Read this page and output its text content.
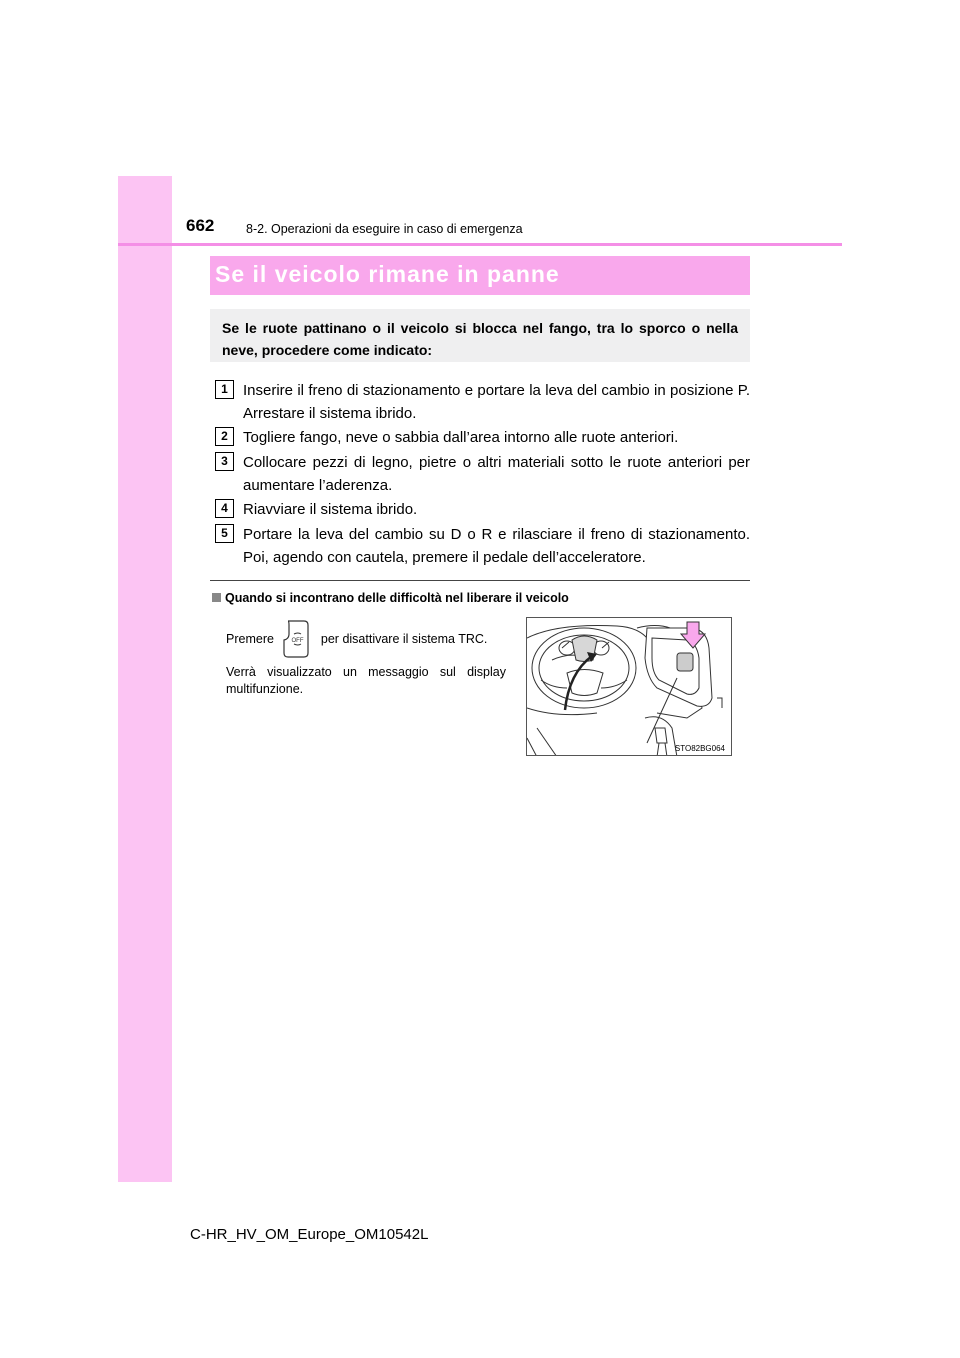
662	8-2. Operazioni da eseguire in caso di emergenza
Se il veicolo rimane in panne
Se le ruote pattinano o il veicolo si blocca nel fango, tra lo sporco o nella neve, procedere come indicato:
1	Inserire il freno di stazionamento e portare la leva del cambio in posizione P. Arrestare il sistema ibrido.
2	Togliere fango, neve o sabbia dall’area intorno alle ruote anteriori.
3	Collocare pezzi di legno, pietre o altri materiali sotto le ruote anteriori per aumentare l’aderenza.
4	Riavviare il sistema ibrido.
5	Portare la leva del cambio su D o R e rilasciare il freno di stazionamento. Poi, agendo con cautela, premere il pedale dell’acceleratore.
Quando si incontrano delle difficoltà nel liberare il veicolo
Premere	per disattivare il sistema TRC.
OFF
Verrà visualizzato un messaggio sul display multifunzione.
STO82BG064
C-HR_HV_OM_Europe_OM10542L
